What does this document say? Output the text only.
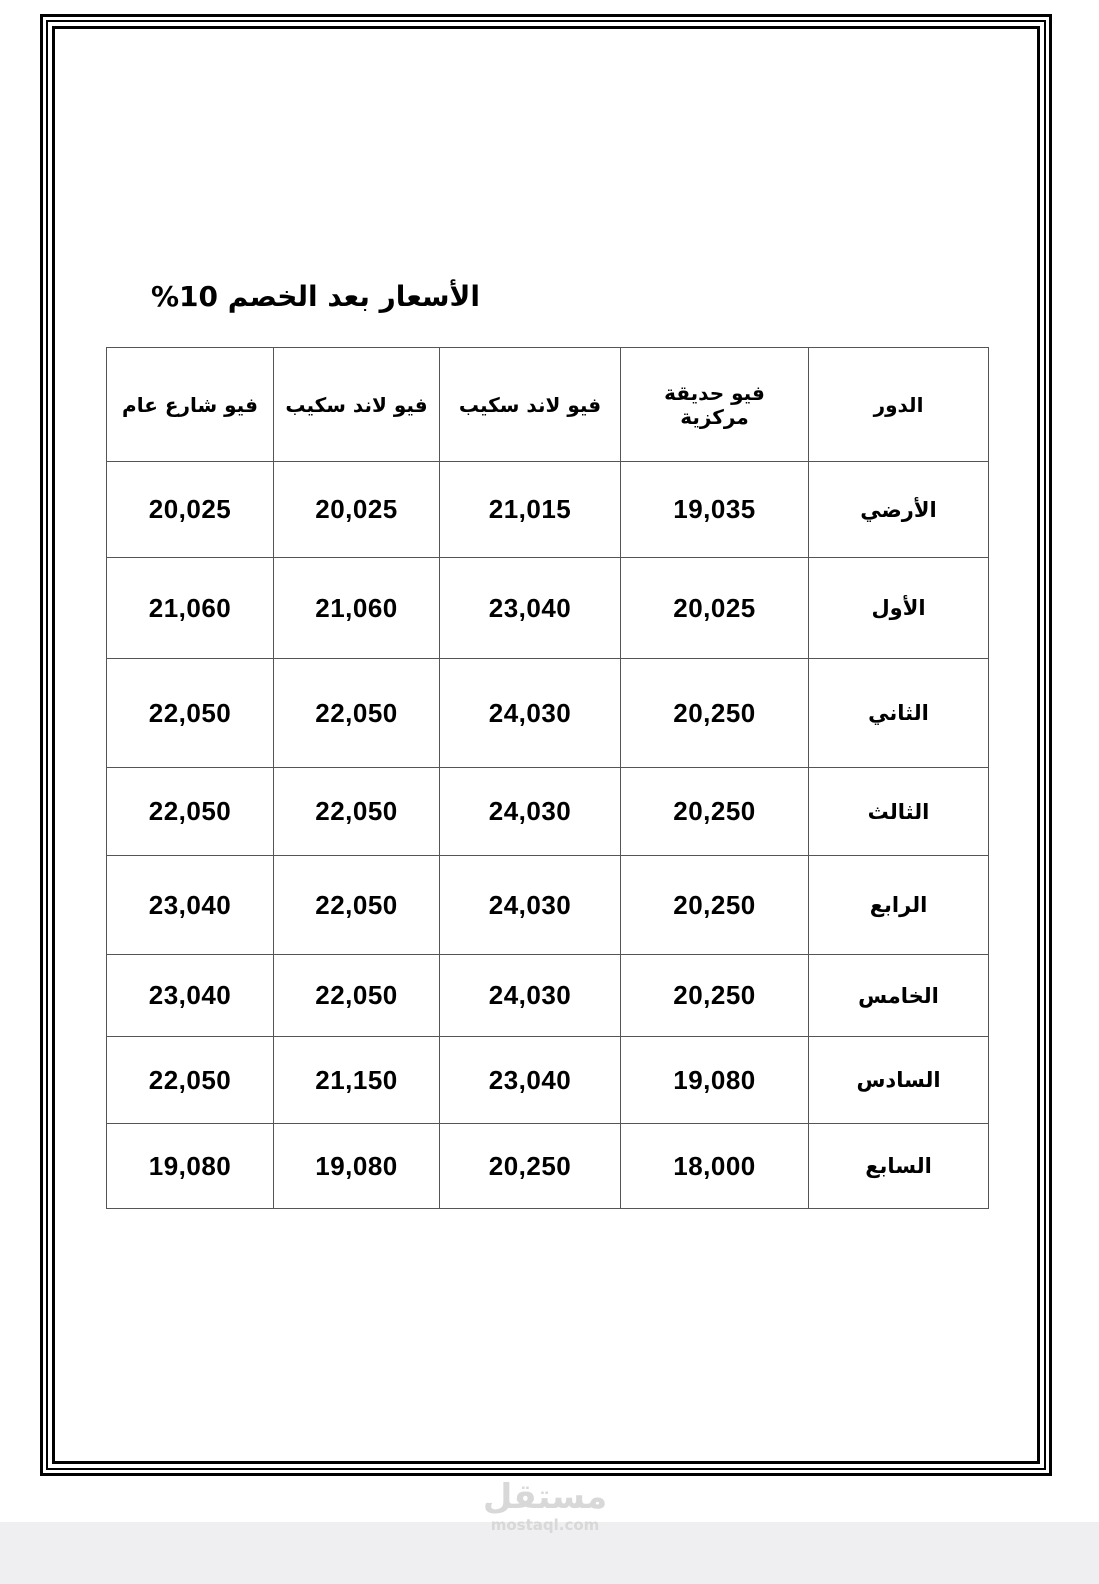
الأسعار بعد الخصم 10%
الدور	فيو حديقة مركزية	فيو لاند سكيب	فيو لاند سكيب	فيو شارع عام
الأرضي	19,035	21,015	20,025	20,025
الأول	20,025	23,040	21,060	21,060
الثاني	20,250	24,030	22,050	22,050
الثالث	20,250	24,030	22,050	22,050
الرابع	20,250	24,030	22,050	23,040
الخامس	20,250	24,030	22,050	23,040
السادس	19,080	23,040	21,150	22,050
السابع	18,000	20,250	19,080	19,080
مستقل
mostaql.com
